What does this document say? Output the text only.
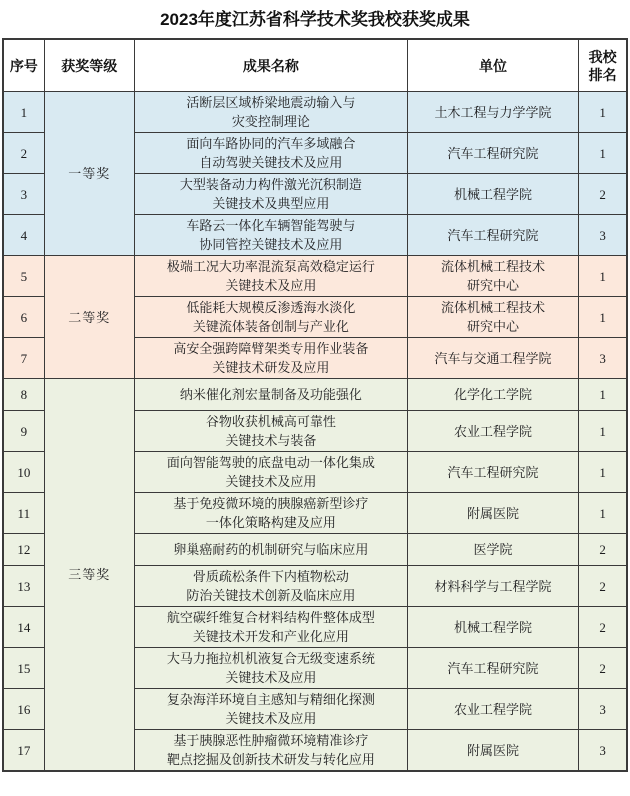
2023年度江苏省科学技术奖我校获奖成果
序号	获奖等级	成果名称	单位	我校
排名

1	一等奖	活断层区域桥梁地震动输入与
灾变控制理论	土木工程与力学学院	1

2		面向车路协同的汽车多域融合
自动驾驶关键技术及应用	汽车工程研究院	1

3		大型装备动力构件激光沉积制造
关键技术及典型应用	机械工程学院	2

4		车路云一体化车辆智能驾驶与
协同管控关键技术及应用	汽车工程研究院	3

5	二等奖	极端工况大功率混流泵高效稳定运行
关键技术及应用	流体机械工程技术
研究中心	1

6		低能耗大规模反渗透海水淡化
关键流体装备创制与产业化	流体机械工程技术
研究中心	1

7		高安全强跨障臂架类专用作业装备
关键技术研发及应用	汽车与交通工程学院	3

8	三等奖	纳米催化剂宏量制备及功能强化	化学化工学院	1

9		谷物收获机械高可靠性
关键技术与装备	农业工程学院	1

10		面向智能驾驶的底盘电动一体化集成
关键技术及应用	汽车工程研究院	1

11		基于免疫微环境的胰腺癌新型诊疗
一体化策略构建及应用	附属医院	1

12		卵巢癌耐药的机制研究与临床应用	医学院	2

13		骨质疏松条件下内植物松动
防治关键技术创新及临床应用	材料科学与工程学院	2

14		航空碳纤维复合材料结构件整体成型
关键技术开发和产业化应用	机械工程学院	2

15		大马力拖拉机机液复合无级变速系统
关键技术及应用	汽车工程研究院	2

16		复杂海洋环境自主感知与精细化探测
关键技术及应用	农业工程学院	3

17		基于胰腺恶性肿瘤微环境精准诊疗
靶点挖掘及创新技术研发与转化应用	附属医院	3
